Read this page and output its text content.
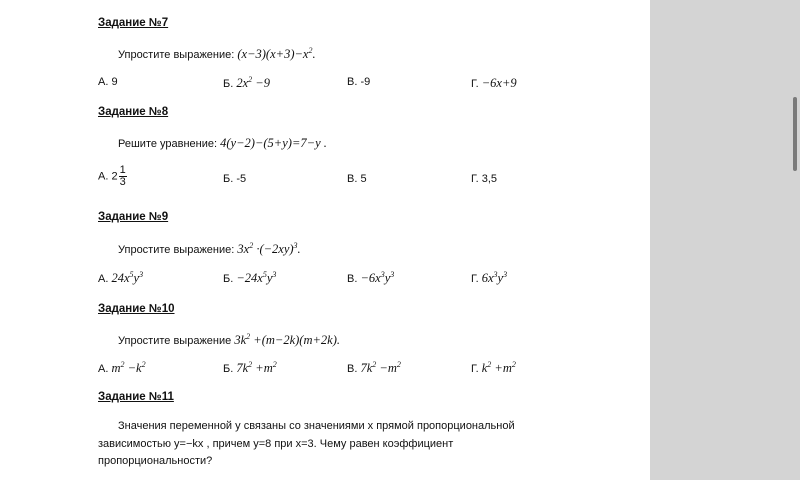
Задание №7
Упростите выражение: $(x-3)(x+3)-x^2$.
А. 9	Б. $2x^2 -9$	В. -9	Г. −6x+9
Задание №8
Решите уравнение: 4(y−2)−(5+y)=7−y .
А. $2 \frac{1}{3}$	Б. -5	В. 5	Г. 3,5
Задание №9
Упростите выражение: $3x^2 \cdot(-2xy)^3$.
А. $24x^5y^3$	Б. $-24x^5y^3$	В. $-6x^3y^3$	Г. $6x^3y^3$
Задание №10
Упростите выражение $3k^2 +(m-2k)(m+2k)$.
А. $m^2 -k^2$	Б. $7k^2 +m^2$	В. $7k^2 -m^2$	Г. $k^2 +m^2$
Задание №11
Значения переменной y связаны со значениями x прямой пропорциональной
зависимостью y=−kx , причем y=8 при x=3. Чему равен коэффициент
пропорциональности?
